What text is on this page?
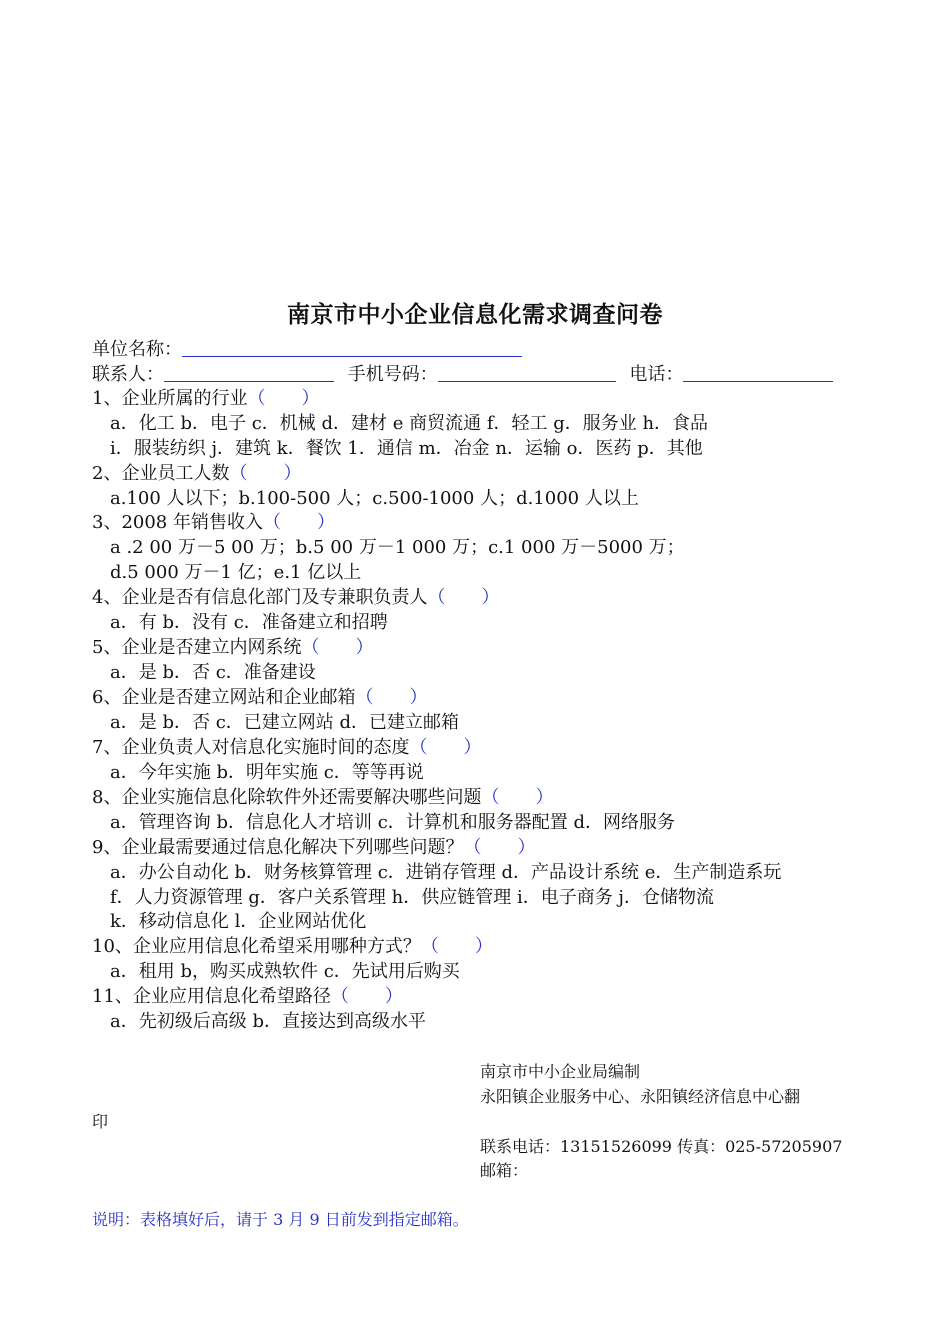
南京市中小企业信息化需求调查问卷
单位名称：
联系人：	手机号码：	电话：
1、企业所属的行业（ ）
a．化工 b．电子 c．机械 d．建材 e 商贸流通 f．轻工 g．服务业 h．食品
i．服装纺织 j．建筑 k．餐饮 1．通信 m．冶金 n．运输 o．医药 p．其他
2、企业员工人数（ ）
a.100 人以下；b.100-500 人；c.500-1000 人；d.1000 人以上
3、2008 年销售收入（ ）
a .2 00 万－5 00 万；b.5 00 万－1 000 万；c.1 000 万－5000 万；
d.5 000 万－1 亿；e.1 亿以上
4、企业是否有信息化部门及专兼职负责人（ ）
a．有 b．没有 c．准备建立和招聘
5、企业是否建立内网系统（ ）
a．是 b．否 c．准备建设
6、企业是否建立网站和企业邮箱（ ）
a．是 b．否 c．已建立网站 d．已建立邮箱
7、企业负责人对信息化实施时间的态度（ ）
a．今年实施 b．明年实施 c．等等再说
8、企业实施信息化除软件外还需要解决哪些问题（ ）
a．管理咨询 b．信息化人才培训 c．计算机和服务器配置 d．网络服务
9、企业最需要通过信息化解决下列哪些问题？（ ）
a．办公自动化 b．财务核算管理 c．进销存管理 d．产品设计系统 e．生产制造系玩
f．人力资源管理 g．客户关系管理 h．供应链管理 i．电子商务 j．仓储物流
k．移动信息化 l．企业网站优化
10、企业应用信息化希望采用哪种方式？（ ）
a．租用 b，购买成熟软件 c．先试用后购买
11、企业应用信息化希望路径（ ）
a．先初级后高级 b．直接达到高级水平
南京市中小企业局编制
永阳镇企业服务中心、永阳镇经济信息中心翻
印
联系电话：13151526099 传真：025-57205907
邮箱：
说明：表格填好后，请于 3 月 9 日前发到指定邮箱。
